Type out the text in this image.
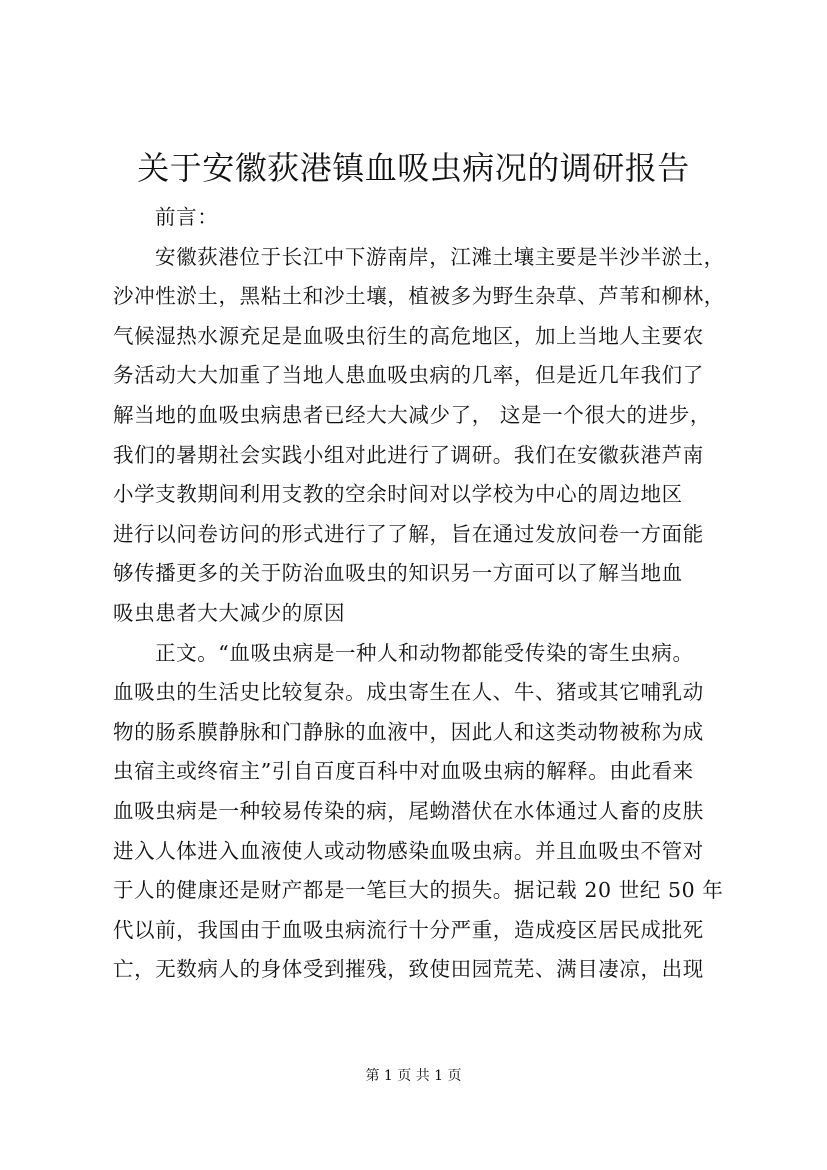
关于安徽荻港镇血吸虫病况的调研报告
前言：
安徽荻港位于长江中下游南岸，江滩土壤主要是半沙半淤土，
沙冲性淤土，黑粘土和沙土壤，植被多为野生杂草、芦苇和柳林，
气候湿热水源充足是血吸虫衍生的高危地区，加上当地人主要农
务活动大大加重了当地人患血吸虫病的几率，但是近几年我们了
解当地的血吸虫病患者已经大大减少了， 这是一个很大的进步，
我们的暑期社会实践小组对此进行了调研。我们在安徽荻港芦南
小学支教期间利用支教的空余时间对以学校为中心的周边地区
进行以问卷访问的形式进行了了解，旨在通过发放问卷一方面能
够传播更多的关于防治血吸虫的知识另一方面可以了解当地血
吸虫患者大大减少的原因
正文。“血吸虫病是一种人和动物都能受传染的寄生虫病。
血吸虫的生活史比较复杂。成虫寄生在人、牛、猪或其它哺乳动
物的肠系膜静脉和门静脉的血液中，因此人和这类动物被称为成
虫宿主或终宿主”引自百度百科中对血吸虫病的解释。由此看来
血吸虫病是一种较易传染的病，尾蚴潜伏在水体通过人畜的皮肤
进入人体进入血液使人或动物感染血吸虫病。并且血吸虫不管对
于人的健康还是财产都是一笔巨大的损失。据记载 20 世纪 50 年
代以前，我国由于血吸虫病流行十分严重，造成疫区居民成批死
亡，无数病人的身体受到摧残，致使田园荒芜、满目凄凉，出现
第 1 页 共 1 页
